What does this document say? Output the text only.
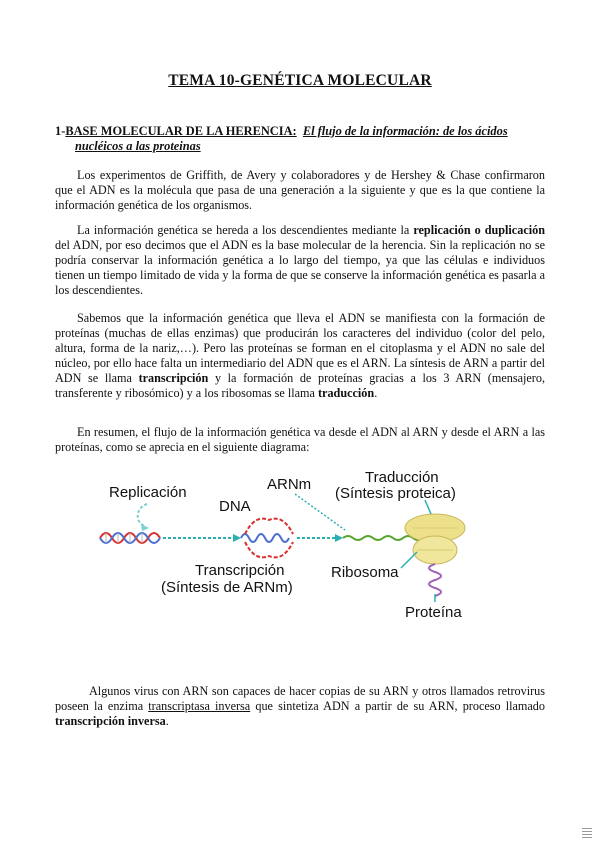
TEMA 10-GENÉTICA MOLECULAR
1-BASE MOLECULAR DE LA HERENCIA: El flujo de la información: de los ácidos
nucléicos a las proteinas
Los experimentos de Griffith, de Avery y colaboradores y de Hershey & Chase confirmaron que el ADN es la molécula que pasa de una generación a la siguiente y que es la que contiene la información genética de los organismos.
La información genética se hereda a los descendientes mediante la replicación o duplicación del ADN, por eso decimos que el ADN es la base molecular de la herencia. Sin la replicación no se podría conservar la información genética a lo largo del tiempo, ya que las células e individuos tienen un tiempo limitado de vida y la forma de que se conserve la información genética es pasarla a los descendientes.
Sabemos que la información genética que lleva el ADN se manifiesta con la formación de proteínas (muchas de ellas enzimas) que producirán los caracteres del individuo (color del pelo, altura, forma de la nariz,…). Pero las proteínas se forman en el citoplasma y el ADN no sale del núcleo, por ello hace falta un intermediario del ADN que es el ARN. La síntesis de ARN a partir del ADN se llama transcripción y la formación de proteínas gracias a los 3 ARN (mensajero, transferente y ribosómico) y a los ribosomas se llama traducción.
En resumen, el flujo de la información genética va desde el ADN al ARN y desde el ARN a las proteínas, como se aprecia en el siguiente diagrama:
Replicación
DNA
ARNm	Traducción
(Síntesis proteica)
Transcripción
(Síntesis de ARNm)
Ribosoma
Proteína
Algunos virus con ARN son capaces de hacer copias de su ARN y otros llamados retrovirus poseen la enzima transcriptasa inversa que sintetiza ADN a partir de su ARN, proceso llamado transcripción inversa.
